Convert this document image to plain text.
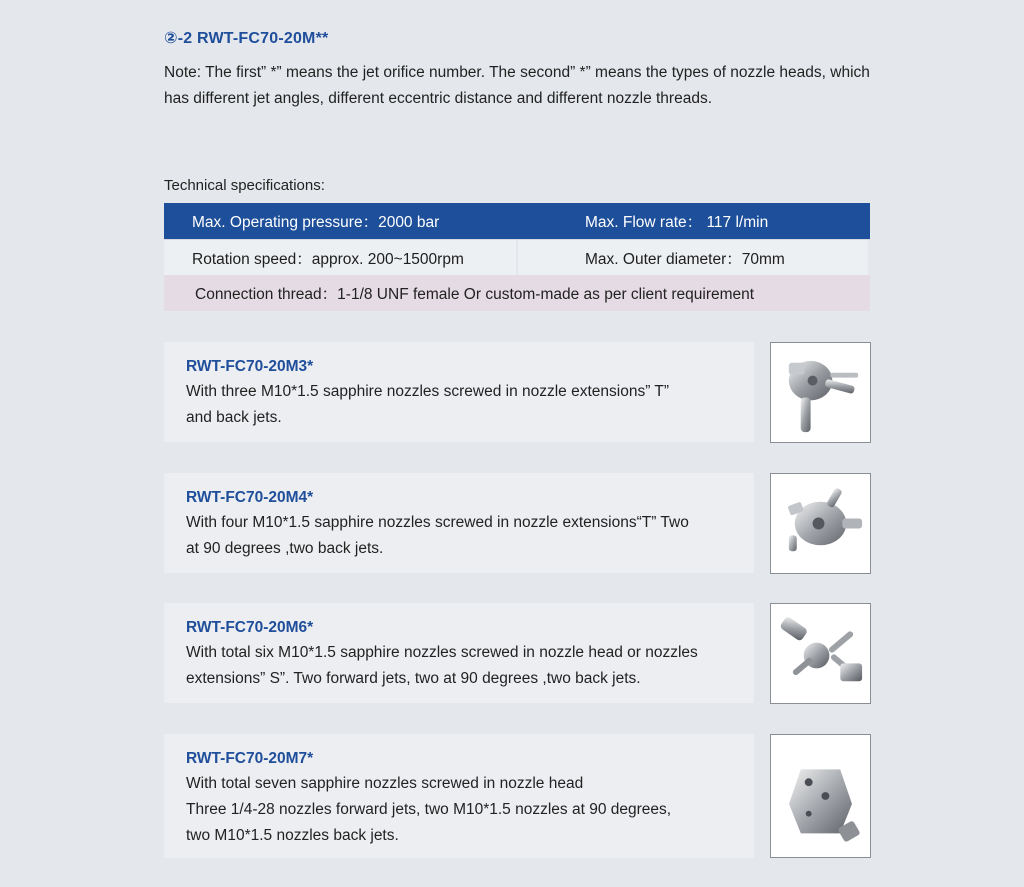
②-2 RWT-FC70-20M**
Note: The first” *” means the jet orifice number. The second” *” means the types of nozzle heads, which has different jet angles, different eccentric distance and different nozzle threads.
Technical specifications:
Max. Operating pressure：2000 bar	Max. Flow rate： 117 l/min
Rotation speed：approx. 200~1500rpm	Max. Outer diameter：70mm
Connection thread：1-1/8 UNF female Or custom-made as per client requirement
RWT-FC70-20M3*
With three M10*1.5 sapphire nozzles screwed in nozzle extensions” T”
and back jets.
RWT-FC70-20M4*
With four M10*1.5 sapphire nozzles screwed in nozzle extensions“T” Two
at 90 degrees ,two back jets.
RWT-FC70-20M6*
With total six M10*1.5 sapphire nozzles screwed in nozzle head or nozzles
extensions” S”. Two forward jets, two at 90 degrees ,two back jets.
RWT-FC70-20M7*
With total seven sapphire nozzles screwed in nozzle head
Three 1/4-28 nozzles forward jets, two M10*1.5 nozzles at 90 degrees,
two M10*1.5 nozzles back jets.
